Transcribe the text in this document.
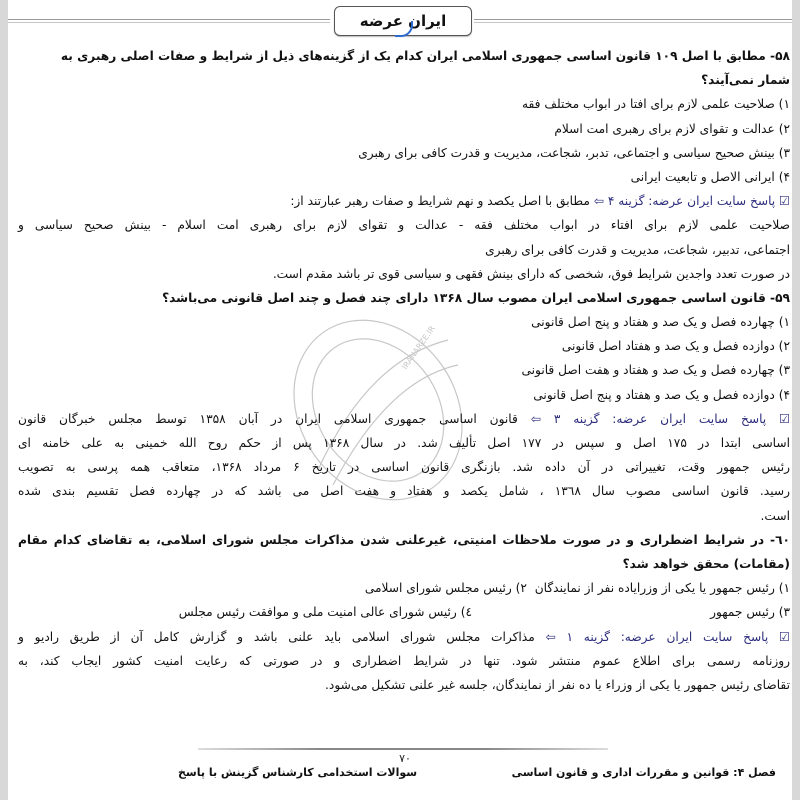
ایران عرضه
IRANARZE.IR
۵۸- مطابق با اصل ۱۰۹ قانون اساسی جمهوری اسلامی ایران کدام یک از گزینه‌های ذیل از شرایط و صفات اصلی رهبری به
شمار نمی‌آیند؟
۱) صلاحیت علمی لازم برای افتا در ابواب مختلف فقه
۲) عدالت و تقوای لازم برای رهبری امت اسلام
۳) بینش صحیح سیاسی و اجتماعی، تدبر، شجاعت، مدیریت و قدرت کافی برای رهبری
۴) ایرانی الاصل و تابعیت ایرانی
☑ پاسخ سایت ایران عرضه: گزینه ۴ ⇦ مطابق با اصل یکصد و نهم شرایط و صفات رهبر عبارتند از:
صلاحیت علمی لازم برای افتاء در ابواب مختلف فقه - عدالت و تقوای لازم برای رهبری امت اسلام - بینش صحیح سیاسی و
اجتماعی، تدبیر، شجاعت، مدیریت و قدرت کافی برای رهبری
در صورت تعدد واجدین شرایط فوق، شخصی که دارای بینش فقهی و سیاسی قوی تر باشد مقدم است.
۵۹- قانون اساسی جمهوری اسلامی ایران مصوب سال ۱۳۶۸ دارای چند فصل و چند اصل قانونی می‌باشد؟
۱) چهارده فصل و یک صد و هفتاد و پنج اصل قانونی
۲) دوازده فصل و یک صد و هفتاد اصل قانونی
۳) چهارده فصل و یک صد و هفتاد و هفت اصل قانونی
۴) دوازده فصل و یک صد و هفتاد و پنج اصل قانونی
☑ پاسخ سایت ایران عرضه: گزینه ۳ ⇦ قانون اساسی جمهوری اسلامی ایران در آبان ۱۳۵۸ توسط مجلس خبرگان قانون
اساسی ابتدا در ۱۷۵ اصل و سپس در ۱۷۷ اصل تألیف شد. در سال ۱۳۶۸ پس از حکم روح الله خمینی به علی خامنه ای
رئیس جمهور وقت، تغییراتی در آن داده شد. بازنگری قانون اساسی در تاریخ ۶ مرداد ۱۳۶۸، متعاقب همه پرسی به تصویب
رسید. قانون اساسی مصوب سال ۱۳٦۸ ، شامل یکصد و هفتاد و هفت اصل می باشد که در چهارده فصل تقسیم بندی شده
است.
٦۰- در شرایط اضطراری و در صورت ملاحظات امنیتی، غیرعلنی شدن مذاکرات مجلس شورای اسلامی، به تقاضای کدام مقام
(مقامات) محقق خواهد شد؟
۱) رئیس جمهور یا یکی از وزرایاده نفر از نمایندگان  ۲) رئیس مجلس شورای اسلامی
۳) رئیس جمهور
٤) رئیس شورای عالی امنیت ملی و موافقت رئیس مجلس
☑ پاسخ سایت ایران عرضه: گزینه ۱ ⇦ مذاکرات مجلس شورای اسلامی باید علنی باشد و گزارش کامل آن از طریق رادیو و
روزنامه رسمی برای اطلاع عموم منتشر شود. تنها در شرایط اضطراری و در صورتی که رعایت امنیت کشور ایجاب کند، به
تقاضای رئیس جمهور یا یکی از وزراء یا ده نفر از نمایندگان، جلسه غیر علنی تشکیل می‌شود.
۷۰
فصل ۴: قوانین و مقررات اداری و قانون اساسی
سوالات استخدامی کارشناس گزینش با پاسخ
